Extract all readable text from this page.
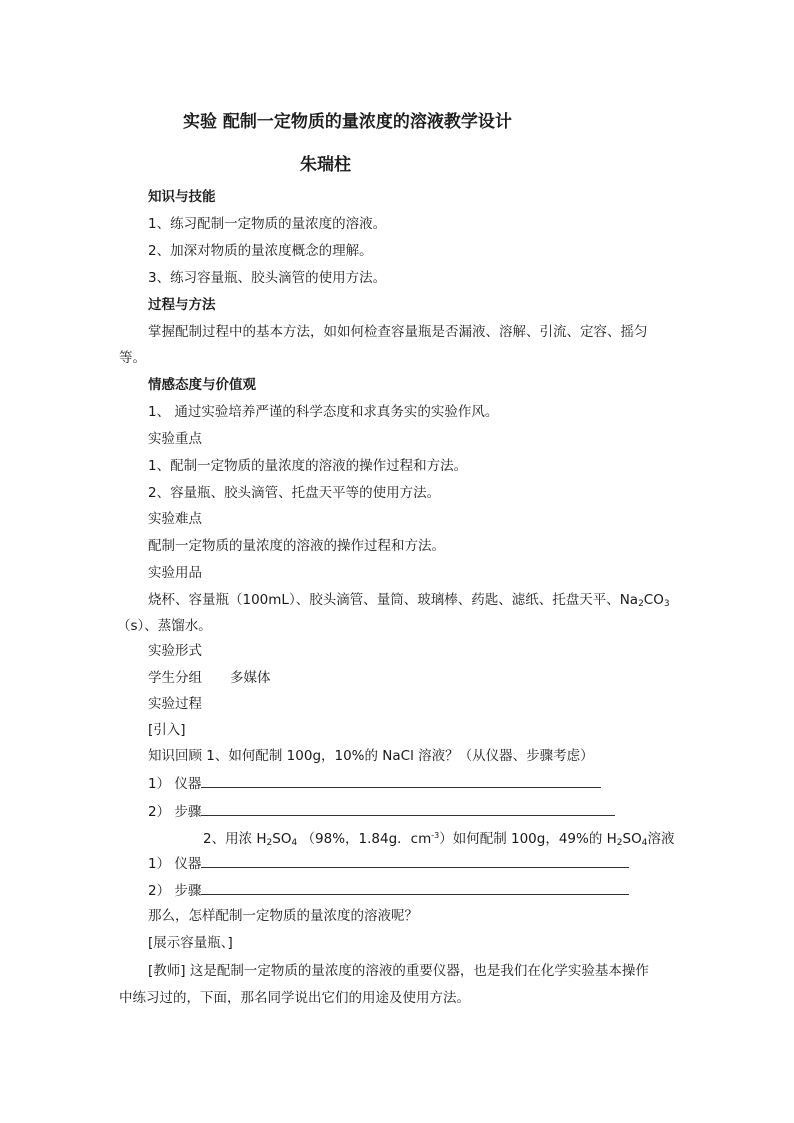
实验 配制一定物质的量浓度的溶液教学设计
朱瑞柱
知识与技能
1、练习配制一定物质的量浓度的溶液。
2、加深对物质的量浓度概念的理解。
3、练习容量瓶、胶头滴管的使用方法。
过程与方法
掌握配制过程中的基本方法，如如何检查容量瓶是否漏液、溶解、引流、定容、摇匀
等。
情感态度与价值观
1、 通过实验培养严谨的科学态度和求真务实的实验作风。
实验重点
1、配制一定物质的量浓度的溶液的操作过程和方法。
2、容量瓶、胶头滴管、托盘天平等的使用方法。
实验难点
配制一定物质的量浓度的溶液的操作过程和方法。
实验用品
烧杯、容量瓶（100mL）、胶头滴管、量筒、玻璃棒、药匙、滤纸、托盘天平、$Na_2CO_3$
（s）、蒸馏水。
实验形式
学生分组 多媒体
实验过程
[引入]
知识回顾 1、如何配制 100g，10%的 NaCl 溶液？（从仪器、步骤考虑）
1） 仪器
2） 步骤
2、用浓 $H_2SO_4$ （98%，1.84g．$cm^{-3}$）如何配制 100g，49%的 $H_2SO_4$溶液
1） 仪器
2） 步骤
那么，怎样配制一定物质的量浓度的溶液呢？
[展示容量瓶、]
[教师] 这是配制一定物质的量浓度的溶液的重要仪器，也是我们在化学实验基本操作
中练习过的，下面，那名同学说出它们的用途及使用方法。
